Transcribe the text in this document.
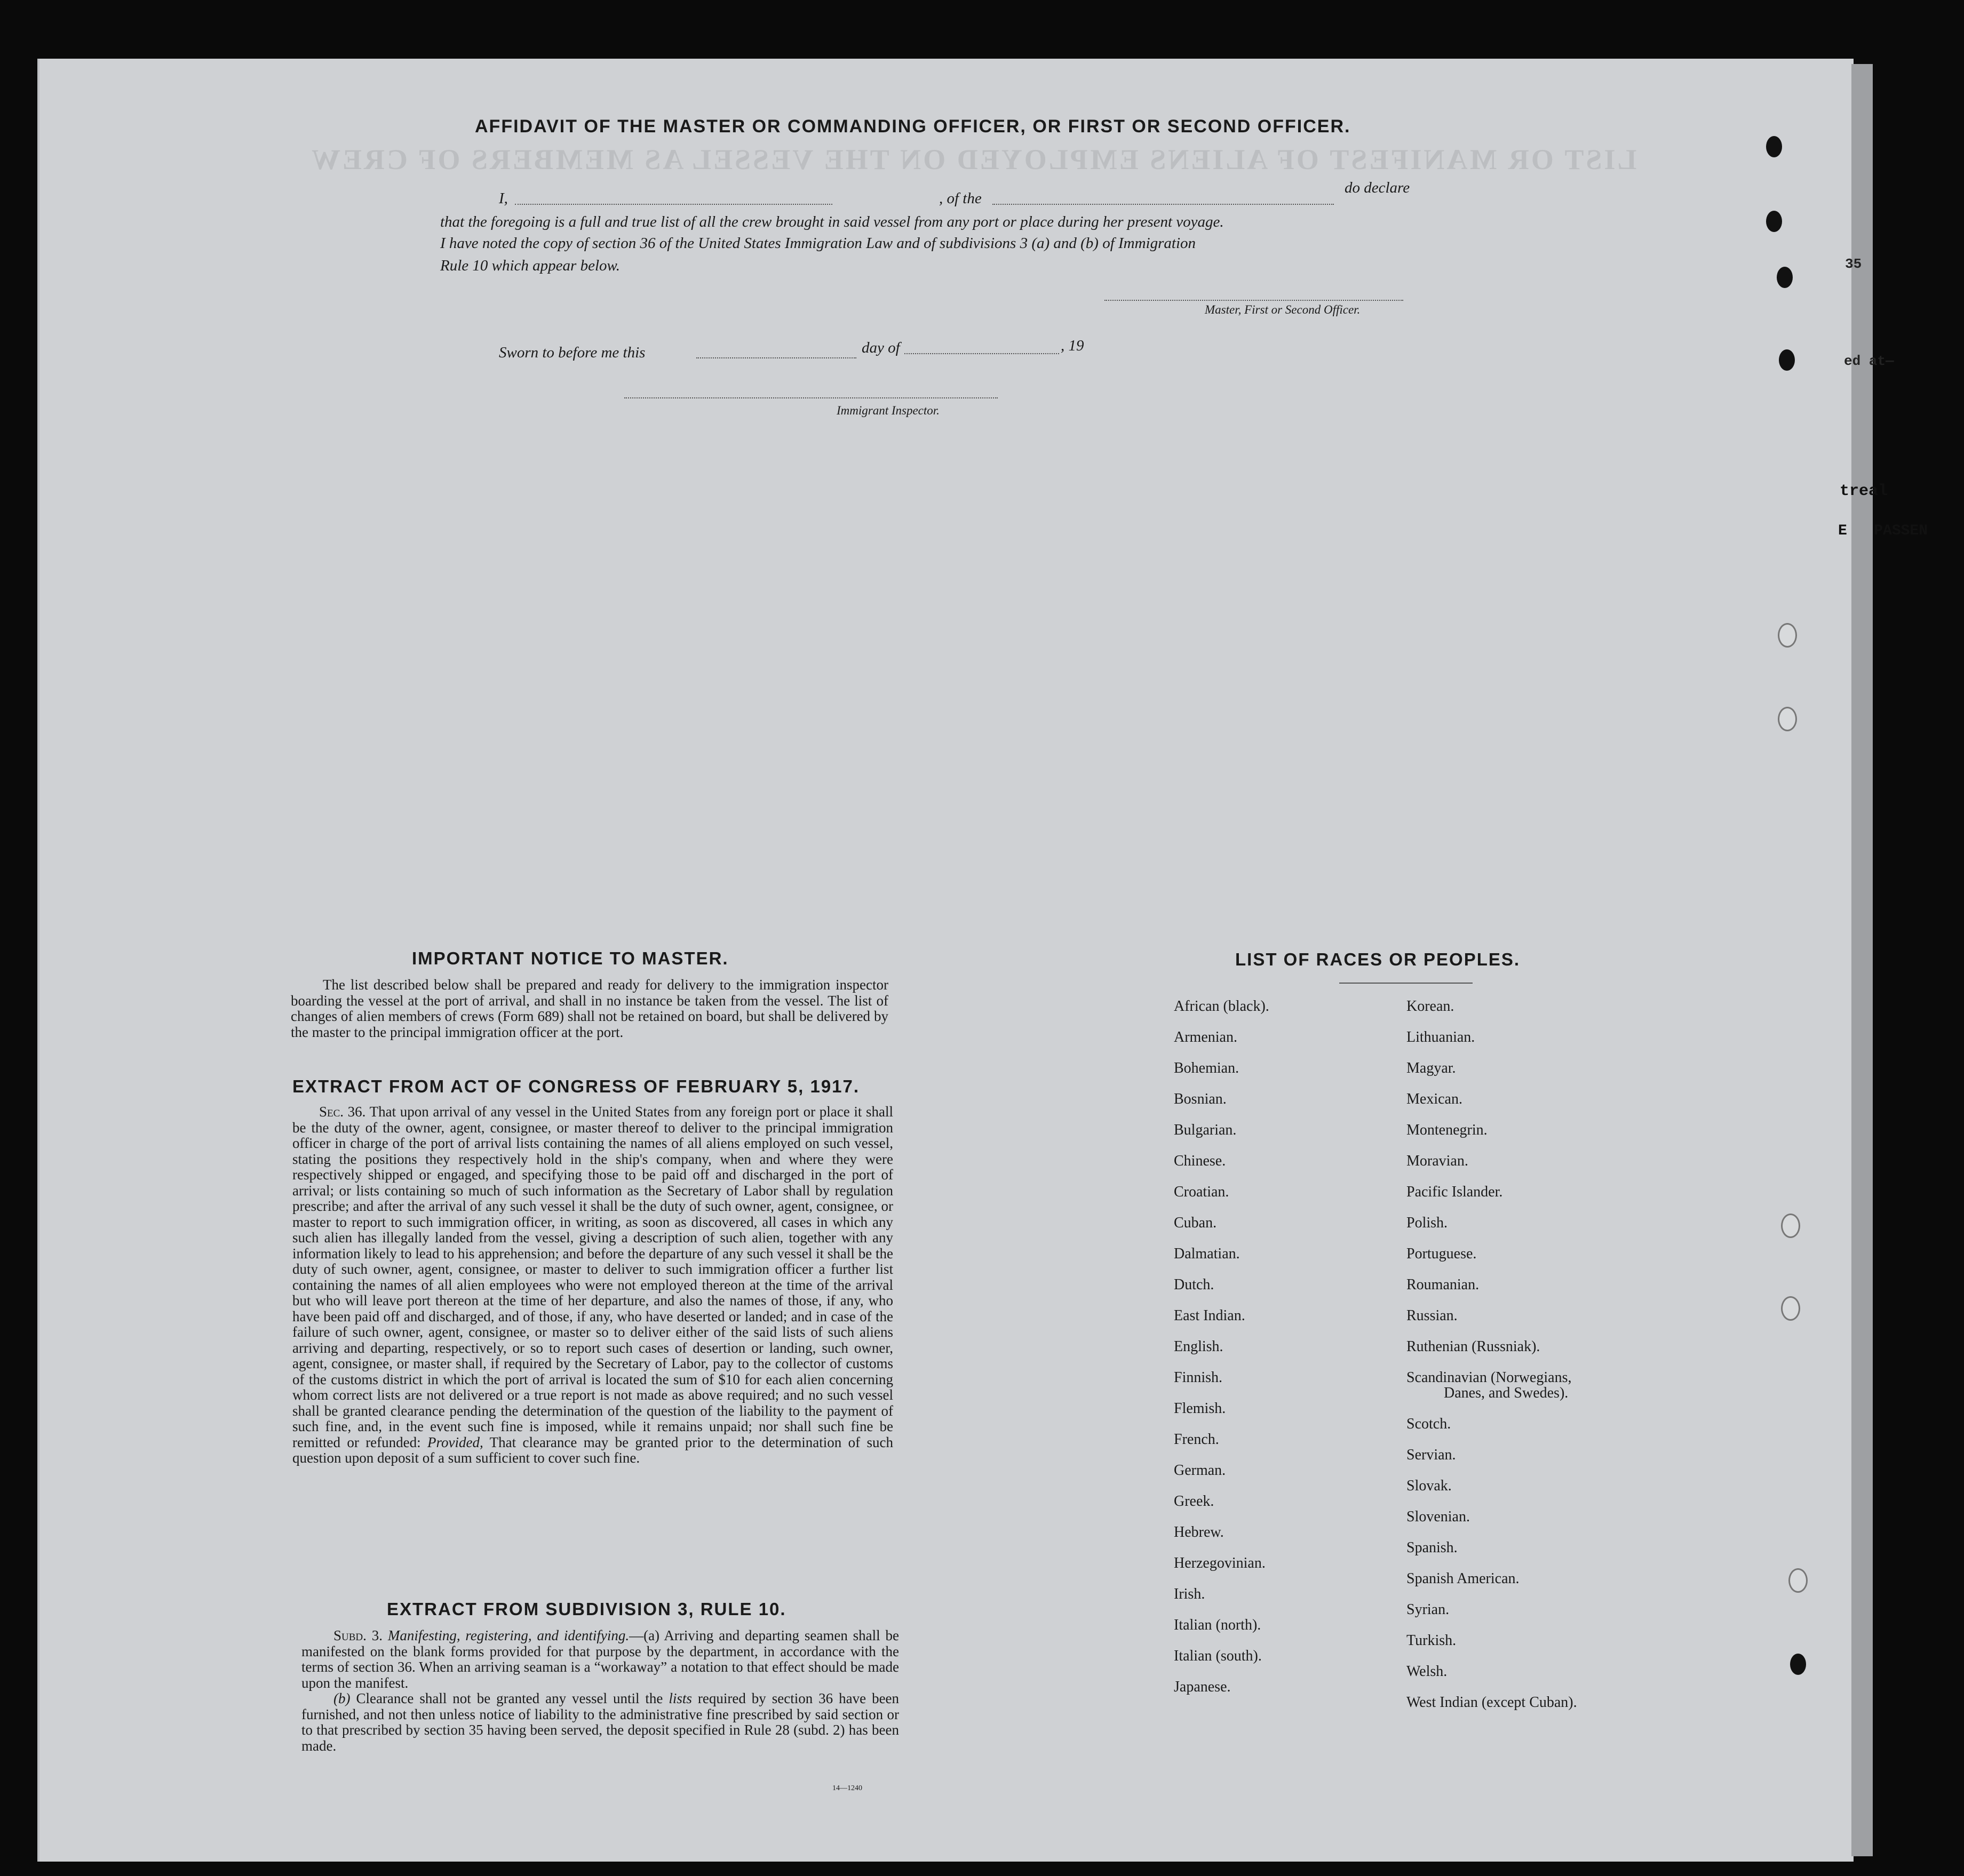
LIST OR MANIFEST OF ALIENS EMPLOYED ON THE VESSEL AS MEMBERS OF CREW
35
ed at—
treal
E   PASSEN
AFFIDAVIT OF THE MASTER OR COMMANDING OFFICER, OR FIRST OR SECOND OFFICER.
I,	, of the
do declare
that the foregoing is a full and true list of all the crew brought in said vessel from any port or place during her present voyage.
I have noted the copy of section 36 of the United States Immigration Law and of subdivisions 3 (a) and (b) of Immigration
Rule 10 which appear below.
Master, First or Second Officer.
Sworn to before me this	day of	, 19
Immigrant Inspector.
IMPORTANT NOTICE TO MASTER.

The list described below shall be prepared and ready for delivery to the immigration inspector boarding the vessel at the port of arrival, and shall in no instance be taken from the vessel. The list of changes of alien members of crews (Form 689) shall not be retained on board, but shall be delivered by the master to the principal immigration officer at the port.

EXTRACT FROM ACT OF CONGRESS OF FEBRUARY 5, 1917.

Sec. 36. That upon arrival of any vessel in the United States from any foreign port or place it shall be the duty of the owner, agent, consignee, or master thereof to deliver to the principal immigration officer in charge of the port of arrival lists containing the names of all aliens employed on such vessel, stating the positions they respectively hold in the ship's company, when and where they were respectively shipped or engaged, and specifying those to be paid off and discharged in the port of arrival; or lists containing so much of such information as the Secretary of Labor shall by regulation prescribe; and after the arrival of any such vessel it shall be the duty of such owner, agent, consignee, or master to report to such immigration officer, in writing, as soon as discovered, all cases in which any such alien has illegally landed from the vessel, giving a description of such alien, together with any information likely to lead to his apprehension; and before the departure of any such vessel it shall be the duty of such owner, agent, consignee, or master to deliver to such immigration officer a further list containing the names of all alien employees who were not employed thereon at the time of the arrival but who will leave port thereon at the time of her departure, and also the names of those, if any, who have been paid off and discharged, and of those, if any, who have deserted or landed; and in case of the failure of such owner, agent, consignee, or master so to deliver either of the said lists of such aliens arriving and departing, respectively, or so to report such cases of desertion or landing, such owner, agent, consignee, or master shall, if required by the Secretary of Labor, pay to the collector of customs of the customs district in which the port of arrival is located the sum of $10 for each alien concerning whom correct lists are not delivered or a true report is not made as above required; and no such vessel shall be granted clearance pending the determination of the question of the liability to the payment of such fine, and, in the event such fine is imposed, while it remains unpaid; nor shall such fine be remitted or refunded: Provided, That clearance may be granted prior to the determination of such question upon deposit of a sum sufficient to cover such fine.

EXTRACT FROM SUBDIVISION 3, RULE 10.

Subd. 3. Manifesting, registering, and identifying.—(a) Arriving and departing seamen shall be manifested on the blank forms provided for that purpose by the department, in accordance with the terms of section 36. When an arriving seaman is a “workaway” a notation to that effect should be made upon the manifest.

(b) Clearance shall not be granted any vessel until the lists required by section 36 have been furnished, and not then unless notice of liability to the administrative fine prescribed by said section or to that prescribed by section 35 having been served, the deposit specified in Rule 28 (subd. 2) has been made.

14—1240
LIST OF RACES OR PEOPLES.
African (black).
Armenian.
Bohemian.
Bosnian.
Bulgarian.
Chinese.
Croatian.
Cuban.
Dalmatian.
Dutch.
East Indian.
English.
Finnish.
Flemish.
French.
German.
Greek.
Hebrew.
Herzegovinian.
Irish.
Italian (north).
Italian (south).
Japanese.
Korean.
Lithuanian.
Magyar.
Mexican.
Montenegrin.
Moravian.
Pacific Islander.
Polish.
Portuguese.
Roumanian.
Russian.
Ruthenian (Russniak).
Scandinavian (Norwegians,
Danes, and Swedes).
Scotch.
Servian.
Slovak.
Slovenian.
Spanish.
Spanish American.
Syrian.
Turkish.
Welsh.
West Indian (except Cuban).
